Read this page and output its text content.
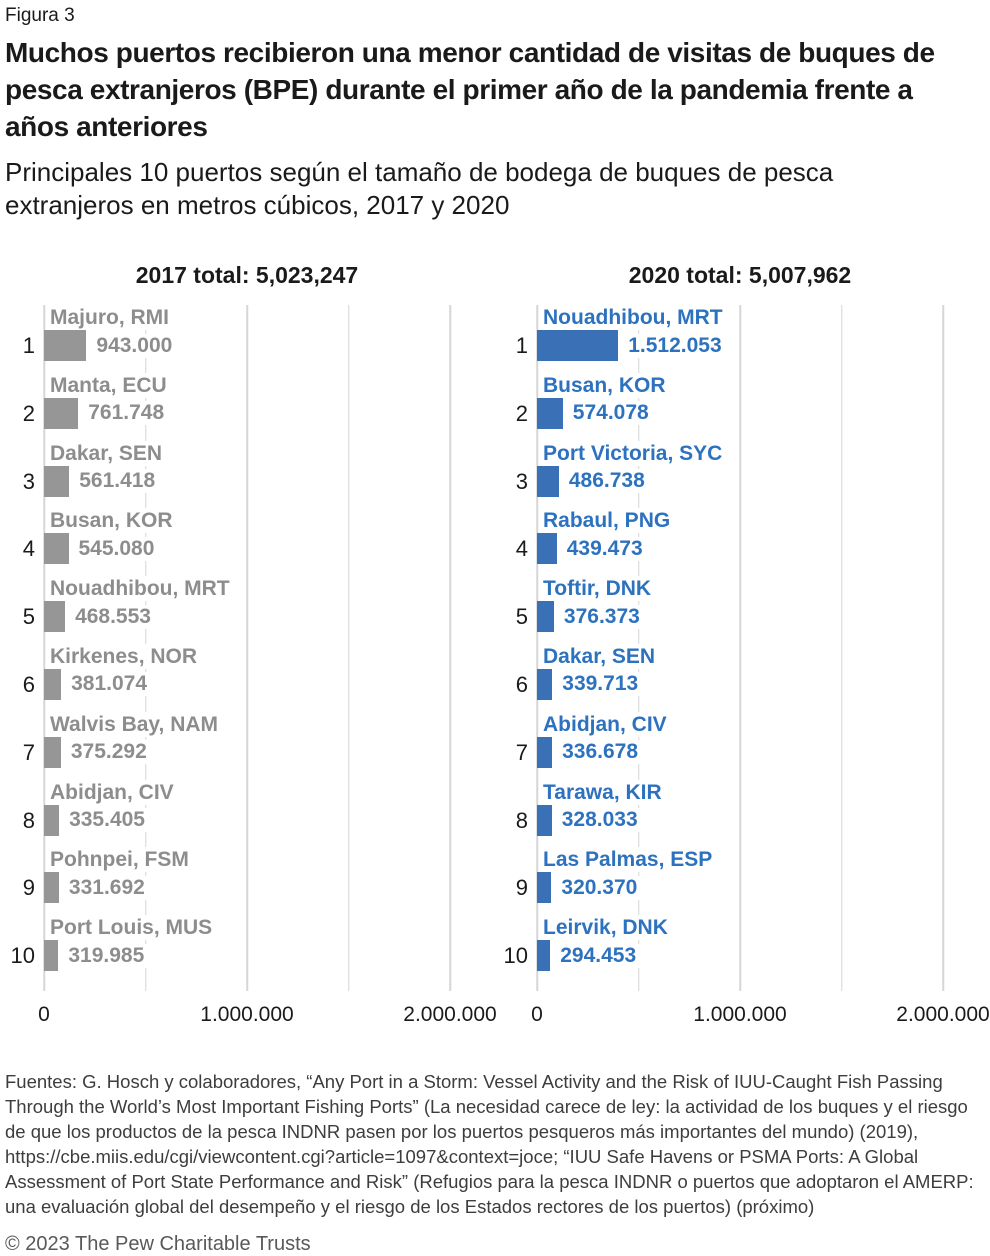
Figura 3

Muchos puertos recibieron una menor cantidad de visitas de buques de pesca extranjeros (BPE) durante el primer año de la pandemia frente a años anteriores
Principales 10 puertos según el tamaño de bodega de buques de pesca extranjeros en metros cúbicos, 2017 y 2020
2017 total: 5,023,247
1
Majuro, RMI
943.000
2
Manta, ECU
761.748
3
Dakar, SEN
561.418
4
Busan, KOR
545.080
5
Nouadhibou, MRT
468.553
6
Kirkenes, NOR
381.074
7
Walvis Bay, NAM
375.292
8
Abidjan, CIV
335.405
9
Pohnpei, FSM
331.692
10
Port Louis, MUS
319.985
0	1.000.000	2.000.000
2020 total: 5,007,962
1
Nouadhibou, MRT
1.512.053
2
Busan, KOR
574.078
3
Port Victoria, SYC
486.738
4
Rabaul, PNG
439.473
5
Toftir, DNK
376.373
6
Dakar, SEN
339.713
7
Abidjan, CIV
336.678
8
Tarawa, KIR
328.033
9
Las Palmas, ESP
320.370
10
Leirvik, DNK
294.453
0	1.000.000	2.000.000
Fuentes: G. Hosch y colaboradores, “Any Port in a Storm: Vessel Activity and the Risk of IUU-Caught Fish Passing Through the World’s Most Important Fishing Ports” (La necesidad carece de ley: la actividad de los buques y el riesgo de que los productos de la pesca INDNR pasen por los puertos pesqueros más importantes del mundo) (2019), https://cbe.miis.edu/cgi/viewcontent.cgi?article=1097&context=joce; “IUU Safe Havens or PSMA Ports: A Global Assessment of Port State Performance and Risk” (Refugios para la pesca INDNR o puertos que adoptaron el AMERP: una evaluación global del desempeño y el riesgo de los Estados rectores de los puertos) (próximo)
© 2023 The Pew Charitable Trusts
